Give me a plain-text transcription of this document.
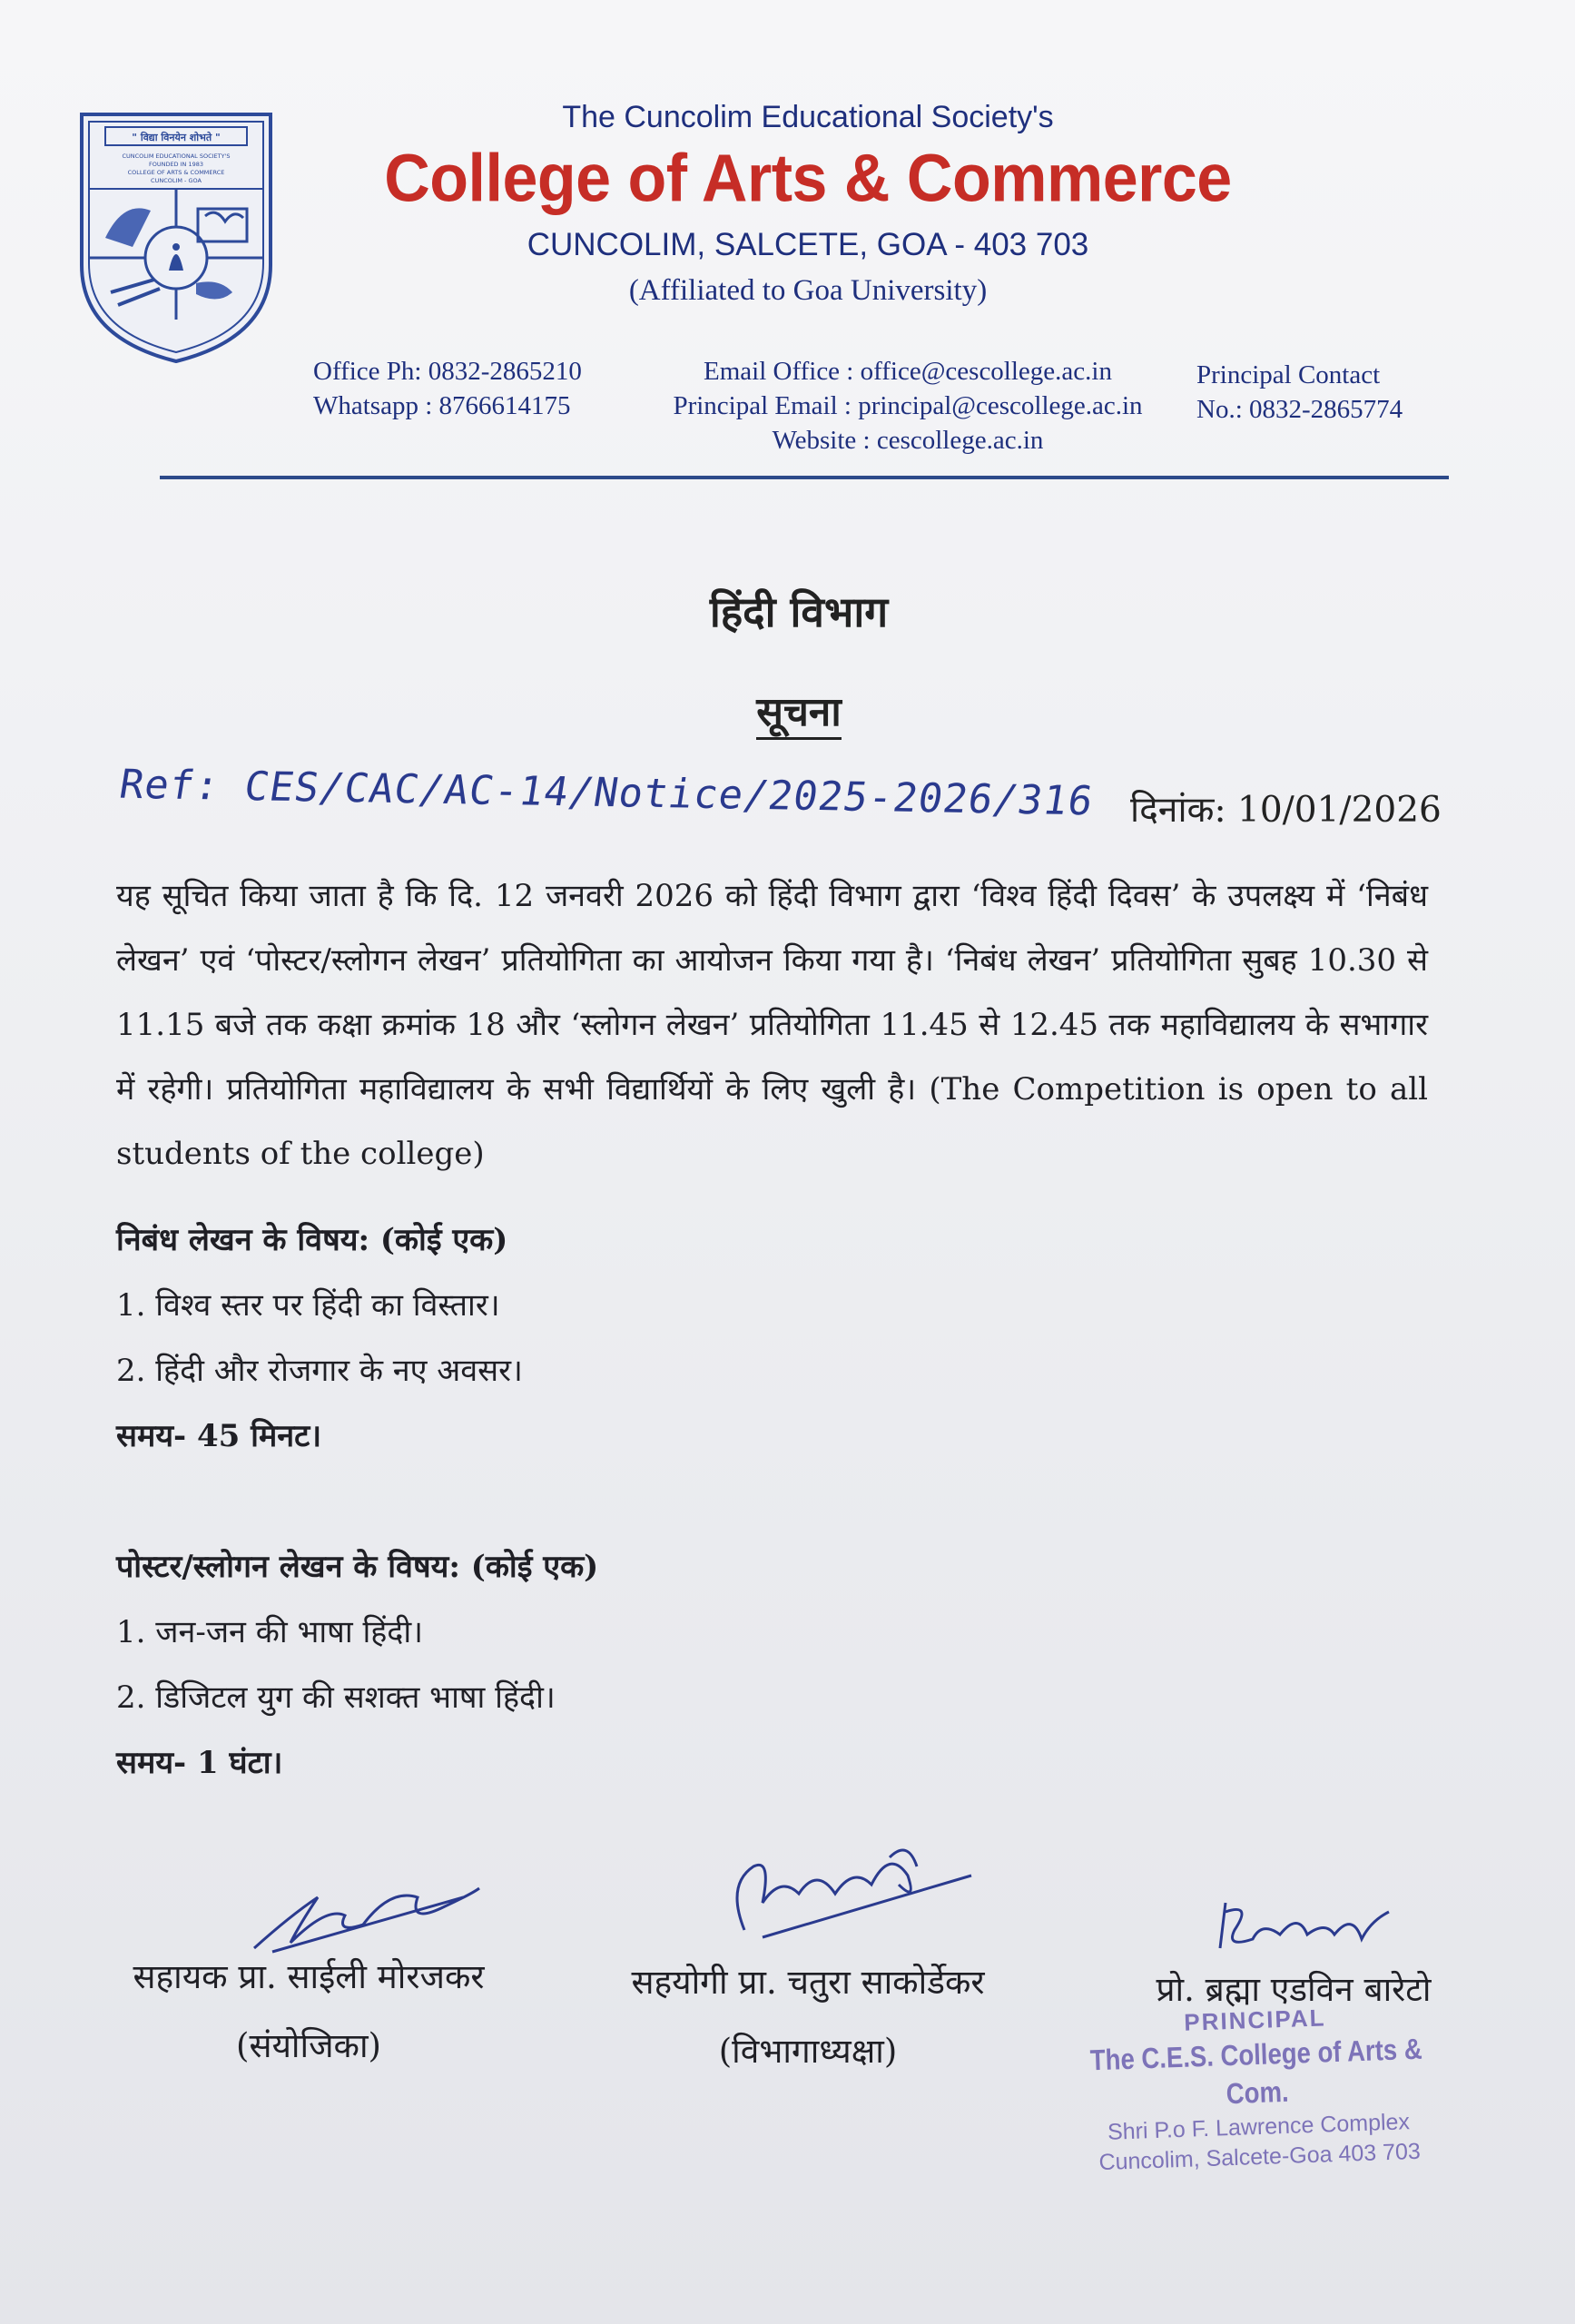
" विद्या विनयेन शोभते "
CUNCOLIM EDUCATIONAL SOCIETY'S
FOUNDED IN 1983
COLLEGE OF ARTS & COMMERCE
CUNCOLIM - GOA
The Cuncolim Educational Society's
College of Arts & Commerce
CUNCOLIM, SALCETE, GOA - 403 703
(Affiliated to Goa University)
Office Ph: 0832-2865210
Whatsapp : 8766614175
Email Office : office@cescollege.ac.in
Principal Email : principal@cescollege.ac.in
Website : cescollege.ac.in
Principal Contact
No.: 0832-2865774
हिंदी विभाग
सूचना
Ref: CES/CAC/AC-14/Notice/2025-2026/316 दिनांक: 10/01/2026
यह सूचित किया जाता है कि दि. 12 जनवरी 2026 को हिंदी विभाग द्वारा ‘विश्व हिंदी दिवस’ के उपलक्ष्य में ‘निबंध लेखन’ एवं ‘पोस्टर/स्लोगन लेखन’ प्रतियोगिता का आयोजन किया गया है। ‘निबंध लेखन’ प्रतियोगिता सुबह 10.30 से 11.15 बजे तक कक्षा क्रमांक 18 और ‘स्लोगन लेखन’ प्रतियोगिता 11.45 से 12.45 तक महाविद्यालय के सभागार में रहेगी। प्रतियोगिता महाविद्यालय के सभी विद्यार्थियों के लिए खुली है। (The Competition is open to all students of the college)
निबंध लेखन के विषय: (कोई एक)
1. विश्व स्तर पर हिंदी का विस्तार।
2. हिंदी और रोजगार के नए अवसर।
समय- 45 मिनट।
पोस्टर/स्लोगन लेखन के विषय: (कोई एक)
1. जन-जन की भाषा हिंदी।
2. डिजिटल युग की सशक्त भाषा हिंदी।
समय- 1 घंटा।
सहायक प्रा. साईली मोरजकर
(संयोजिका)
सहयोगी प्रा. चतुरा साकोर्डेकर
(विभागाध्यक्षा)
प्रो. ब्रह्मा एडविन बारेटो
PRINCIPAL
The C.E.S. College of Arts & Com.
Shri P.o F. Lawrence Complex
Cuncolim, Salcete-Goa 403 703
